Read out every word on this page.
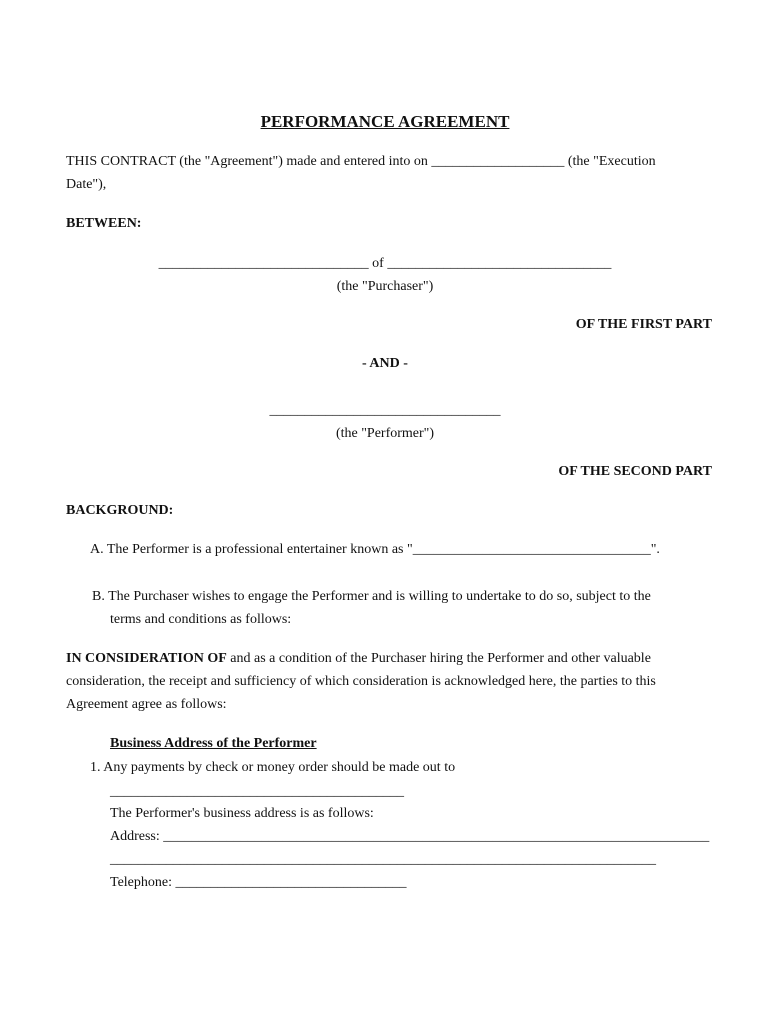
PERFORMANCE AGREEMENT
THIS CONTRACT (the "Agreement") made and entered into on ___________________ (the "Execution
Date"),
BETWEEN:
______________________________ of ________________________________
(the "Purchaser")
OF THE FIRST PART
- AND -
_________________________________
(the "Performer")
OF THE SECOND PART
BACKGROUND:
A. The Performer is a professional entertainer known as "__________________________________".
B. The Purchaser wishes to engage the Performer and is willing to undertake to do so, subject to the
terms and conditions as follows:
IN CONSIDERATION OF and as a condition of the Purchaser hiring the Performer and other valuable
consideration, the receipt and sufficiency of which consideration is acknowledged here, the parties to this
Agreement agree as follows:
Business Address of the Performer
1. Any payments by check or money order should be made out to
__________________________________________
The Performer's business address is as follows:
Address: ______________________________________________________________________________
______________________________________________________________________________
Telephone: _________________________________
